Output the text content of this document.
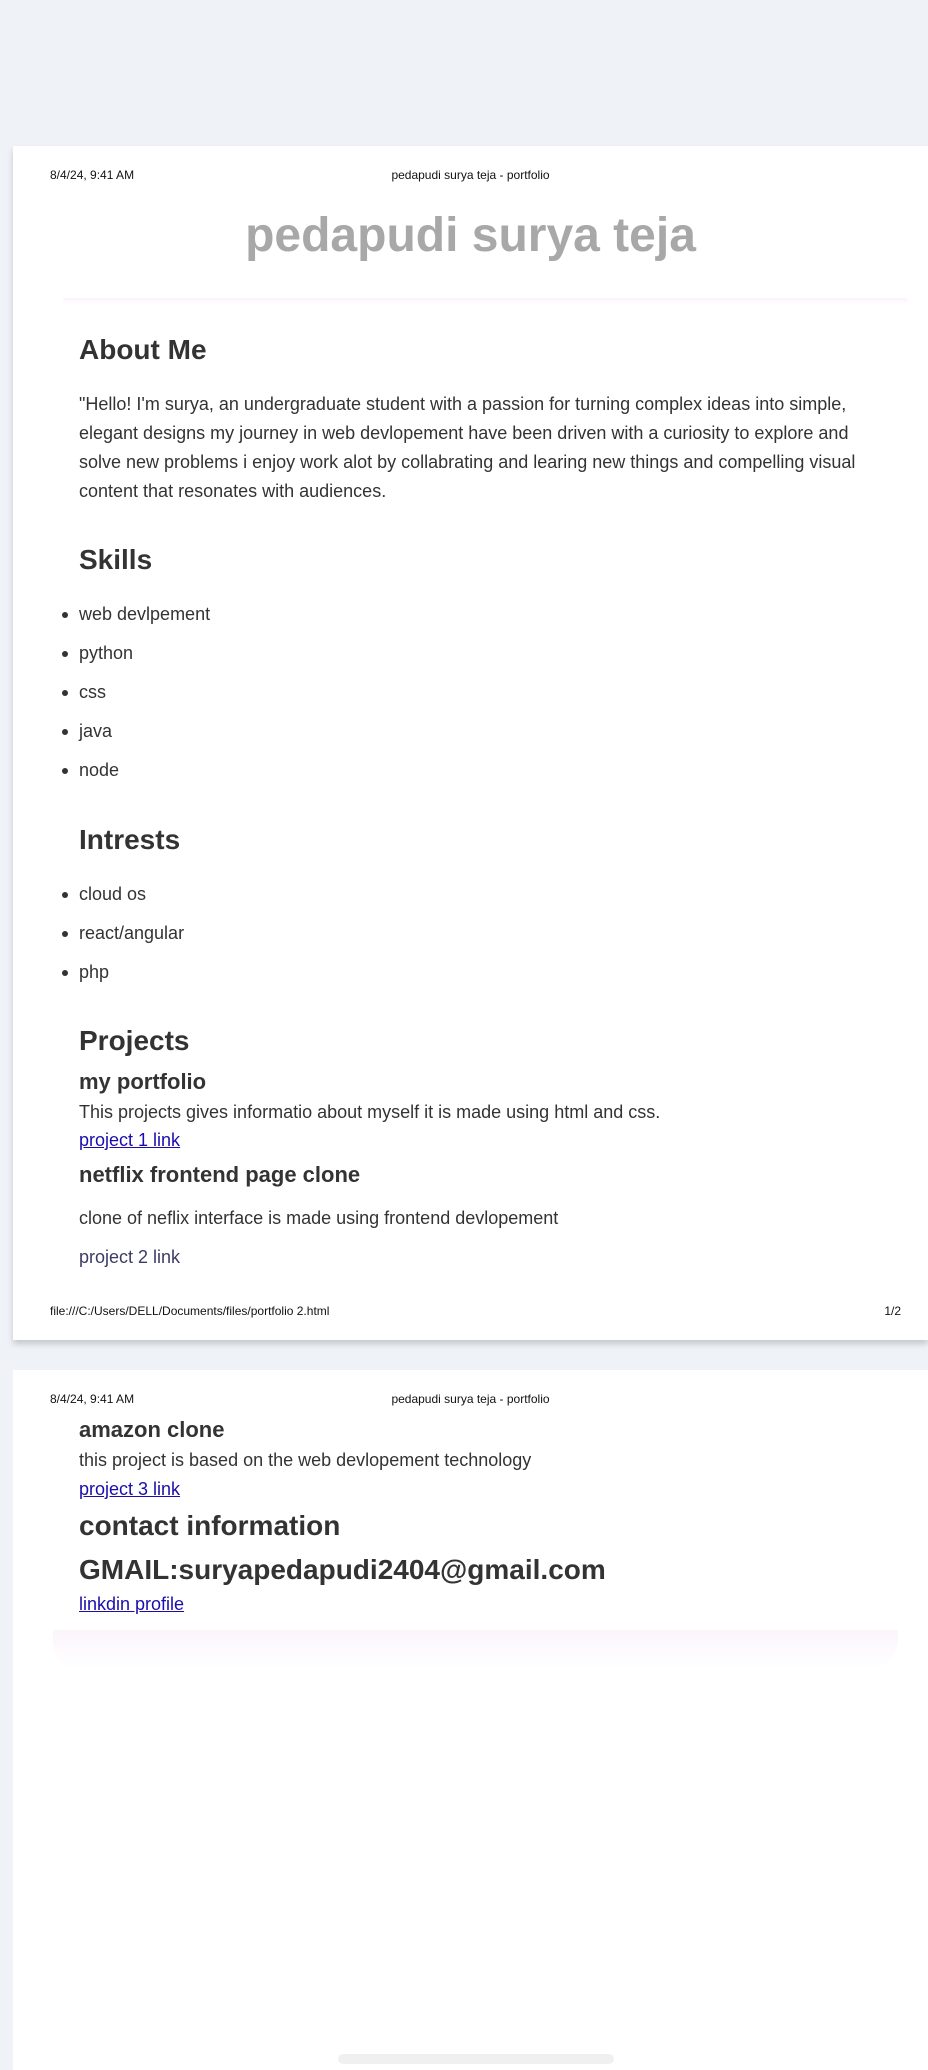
8/4/24, 9:41 AM	pedapudi surya teja - portfolio
pedapudi surya teja
About Me

"Hello! I'm surya, an undergraduate student with a passion for turning complex ideas into simple, elegant designs my journey in web devlopement have been driven with a curiosity to explore and solve new problems i enjoy work alot by collabrating and learing new things and compelling visual content that resonates with audiences.

Skills
web devlpement
python
css
java
node
Intrests
cloud os
react/angular
php
Projects
my portfolio

This projects gives informatio about myself it is made using html and css.

project 1 link
netflix frontend page clone

clone of neflix interface is made using frontend devlopement

project 2 link
file:///C:/Users/DELL/Documents/files/portfolio 2.html	1/2
8/4/24, 9:41 AM	pedapudi surya teja - portfolio
amazon clone

this project is based on the web devlopement technology

project 3 link
contact information
GMAIL:suryapedapudi2404@gmail.com
linkdin profile
